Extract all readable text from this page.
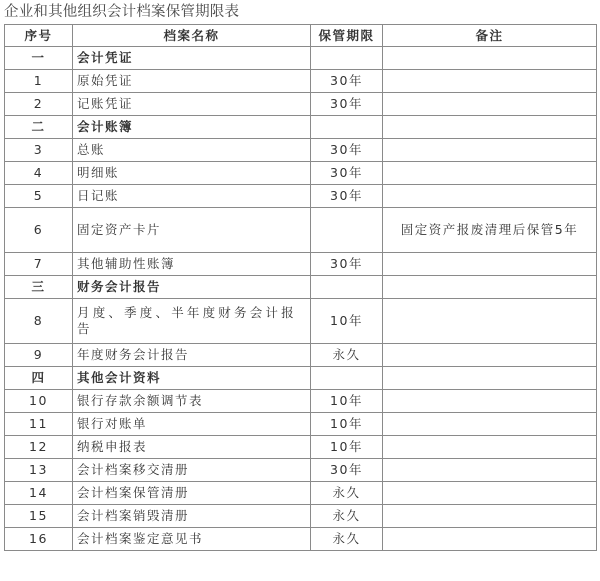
企业和其他组织会计档案保管期限表
序号	档案名称	保管期限	备注
一	会计凭证		
1	原始凭证	30年	
2	记账凭证	30年	
二	会计账簿		
3	总账	30年	
4	明细账	30年	
5	日记账	30年	
6	固定资产卡片		固定资产报废清理后保管5年
7	其他辅助性账簿	30年	
三	财务会计报告		
8	月度、季度、半年度财务会计报告	10年	
9	年度财务会计报告	永久	
四	其他会计资料		
10	银行存款余额调节表	10年	
11	银行对账单	10年	
12	纳税申报表	10年	
13	会计档案移交清册	30年	
14	会计档案保管清册	永久	
15	会计档案销毁清册	永久	
16	会计档案鉴定意见书	永久	
